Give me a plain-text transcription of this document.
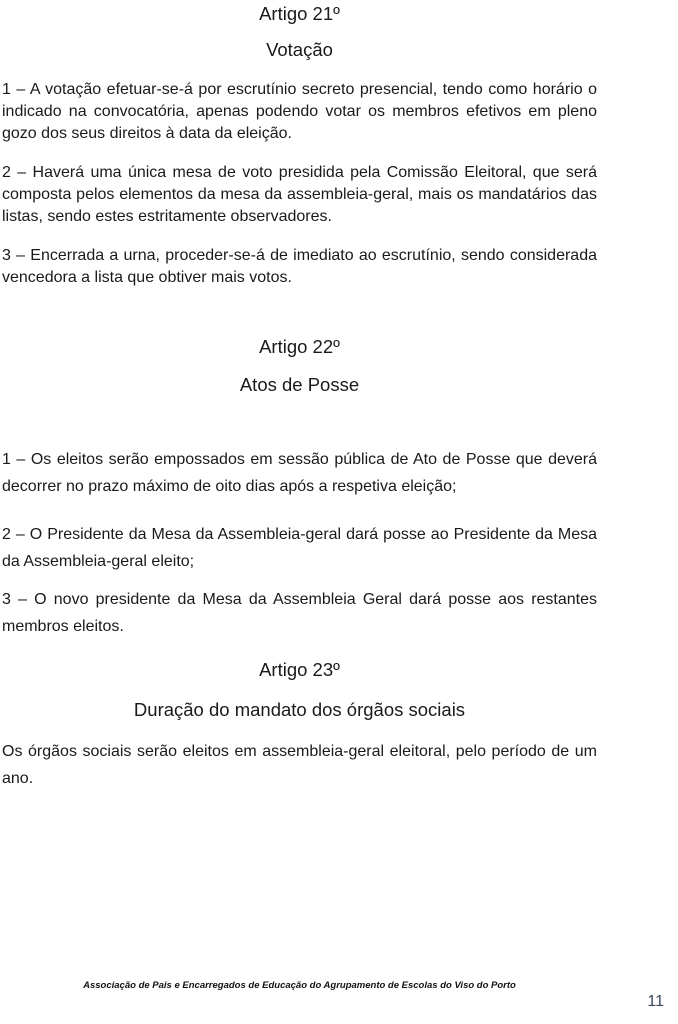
Artigo 21º
Votação

1 – A votação efetuar-se-á por escrutínio secreto presencial, tendo como horário o indicado na convocatória, apenas podendo votar os membros efetivos em pleno gozo dos seus direitos à data da eleição.

2 – Haverá uma única mesa de voto presidida pela Comissão Eleitoral, que será composta pelos elementos da mesa da assembleia-geral, mais os mandatários das listas, sendo estes estritamente observadores.

3 – Encerrada a urna, proceder-se-á de imediato ao escrutínio, sendo considerada vencedora a lista que obtiver mais votos.

Artigo 22º
Atos de Posse

1 – Os eleitos serão empossados em sessão pública de Ato de Posse que deverá decorrer no prazo máximo de oito dias após a respetiva eleição;

2 – O Presidente da Mesa da Assembleia-geral dará posse ao Presidente da Mesa da Assembleia-geral eleito;

3 – O novo presidente da Mesa da Assembleia Geral dará posse aos restantes membros eleitos.

Artigo 23º
Duração do mandato dos órgãos sociais

Os órgãos sociais serão eleitos em assembleia-geral eleitoral, pelo período de um ano.

Associação de Pais e Encarregados de Educação do Agrupamento de Escolas do Viso do Porto
11
